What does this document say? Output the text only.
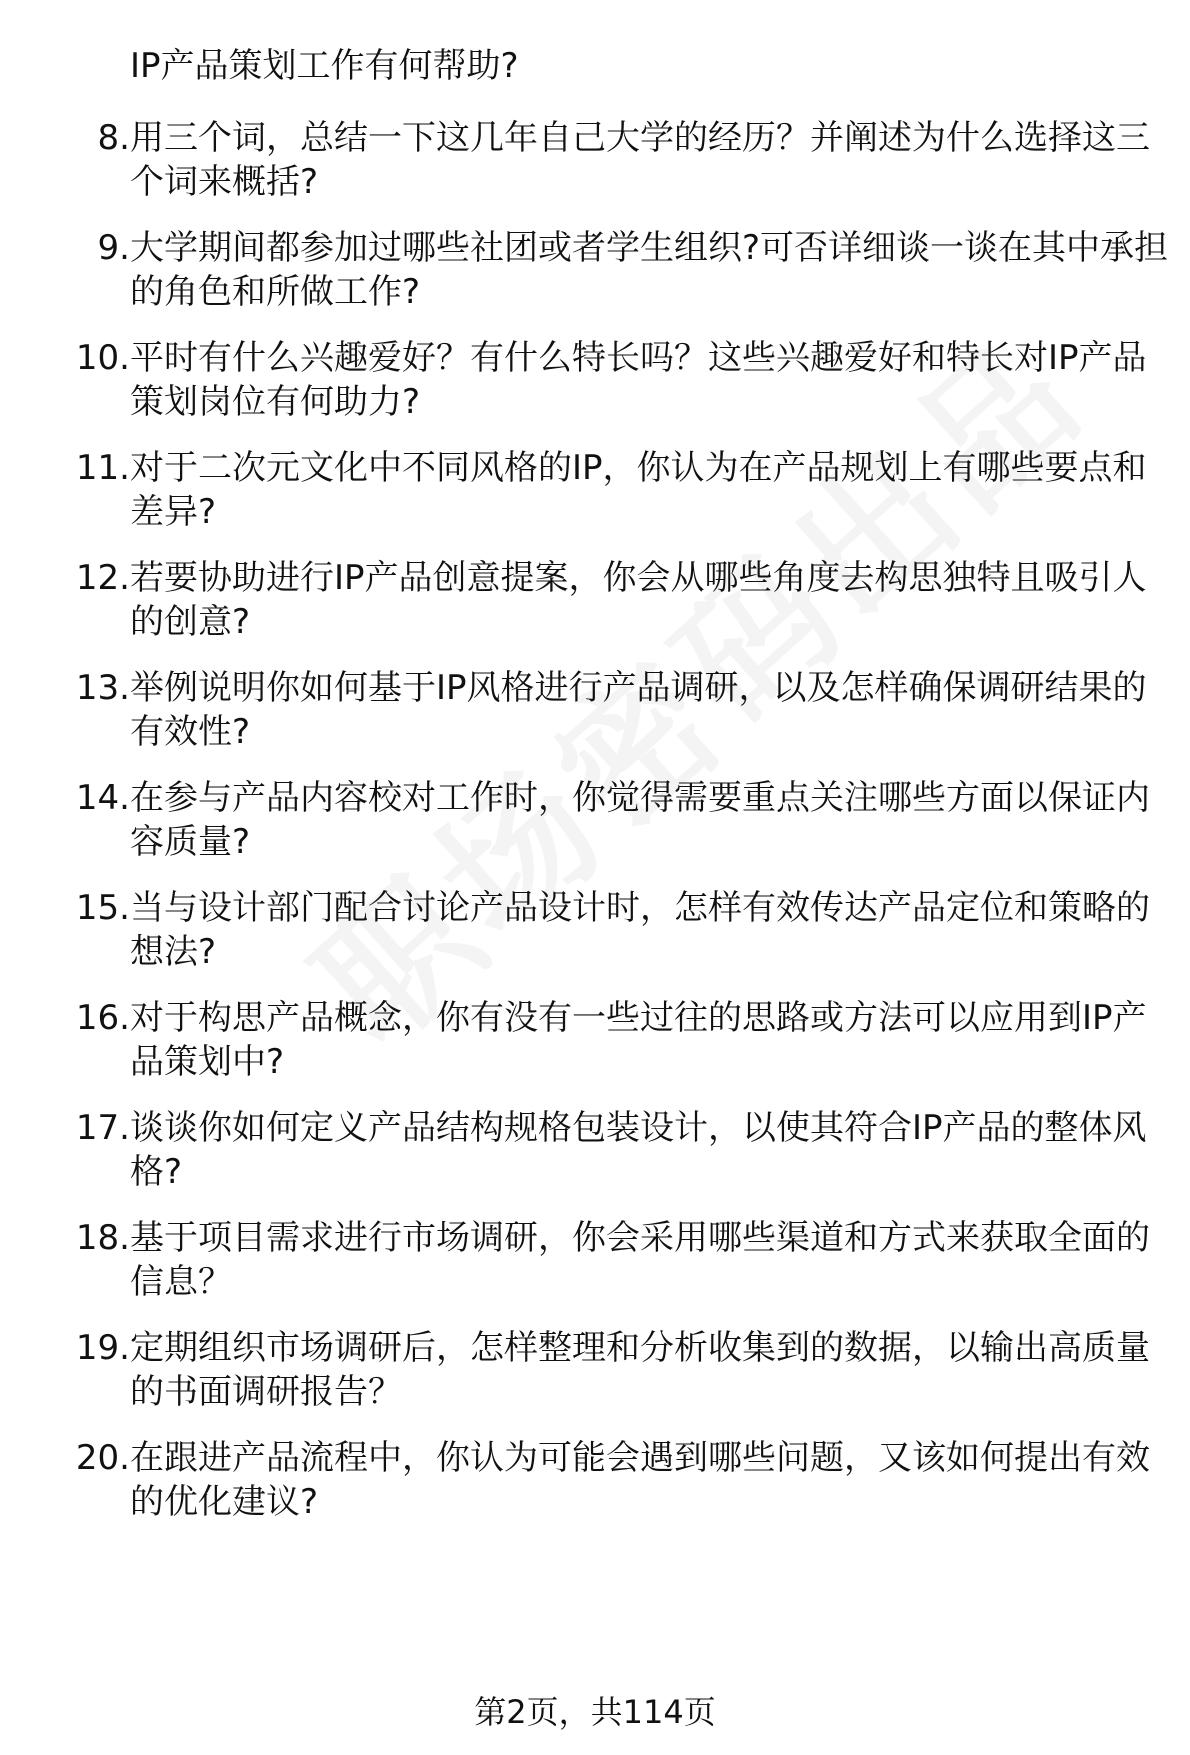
IP产品策划工作有何帮助?
8. 用三个词，总结一下这几年自己大学的经历？并阐述为什么选择这三个词来概括?
9. 大学期间都参加过哪些社团或者学生组织?可否详细谈一谈在其中承担的角色和所做工作?
10. 平时有什么兴趣爱好？有什么特长吗？这些兴趣爱好和特长对IP产品策划岗位有何助力?
11. 对于二次元文化中不同风格的IP，你认为在产品规划上有哪些要点和差异?
12. 若要协助进行IP产品创意提案，你会从哪些角度去构思独特且吸引人的创意?
13. 举例说明你如何基于IP风格进行产品调研，以及怎样确保调研结果的有效性?
14. 在参与产品内容校对工作时，你觉得需要重点关注哪些方面以保证内容质量?
15. 当与设计部门配合讨论产品设计时，怎样有效传达产品定位和策略的想法?
16. 对于构思产品概念，你有没有一些过往的思路或方法可以应用到IP产品策划中?
17. 谈谈你如何定义产品结构规格包装设计，以使其符合IP产品的整体风格?
18. 基于项目需求进行市场调研，你会采用哪些渠道和方式来获取全面的信息？
19. 定期组织市场调研后，怎样整理和分析收集到的数据，以输出高质量的书面调研报告？
20. 在跟进产品流程中，你认为可能会遇到哪些问题，又该如何提出有效的优化建议?
第2页，共114页
